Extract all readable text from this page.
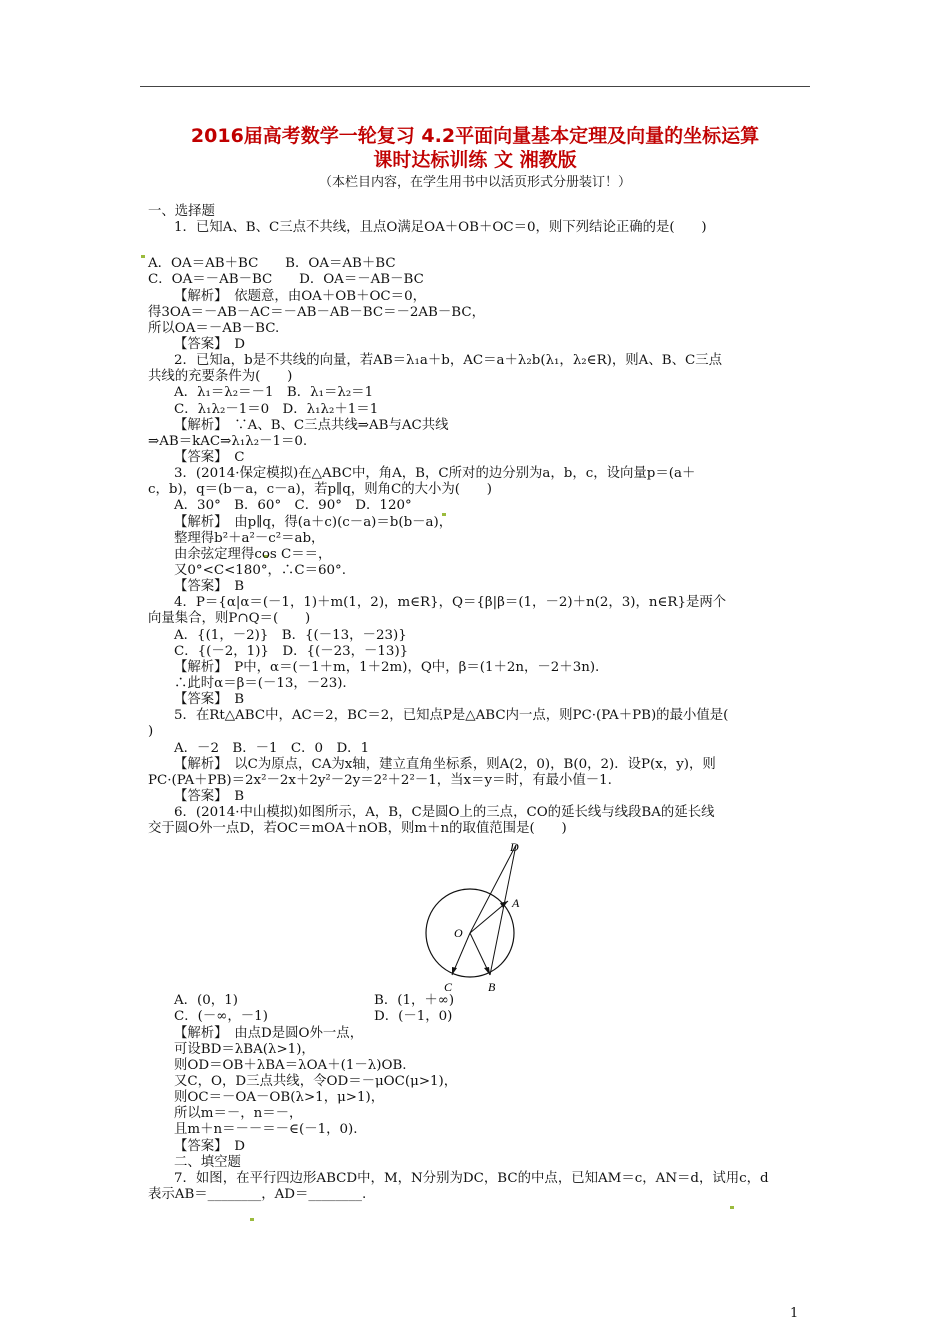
2016届高考数学一轮复习 4.2平面向量基本定理及向量的坐标运算
课时达标训练 文 湘教版
（本栏目内容，在学生用书中以活页形式分册装订！）
一、选择题
1．已知A、B、C三点不共线，且点O满足OA＋OB＋OC＝0，则下列结论正确的是(　　)
A．OA＝AB＋BC　　B．OA＝AB＋BC
C．OA＝－AB－BC　　D．OA＝－AB－BC
【解析】　依题意，由OA＋OB＋OC＝0，
得3OA＝－AB－AC＝－AB－AB－BC＝－2AB－BC，
所以OA＝－AB－BC.
【答案】　D
2．已知a，b是不共线的向量，若AB＝λ₁a＋b，AC＝a＋λ₂b(λ₁，λ₂∈R)，则A、B、C三点
共线的充要条件为(　　)
A．λ₁＝λ₂＝－1　B．λ₁＝λ₂＝1
C．λ₁λ₂－1＝0　D．λ₁λ₂＋1＝1
【解析】　∵A、B、C三点共线⇒AB与AC共线
⇒AB＝kAC⇒λ₁λ₂－1＝0.
【答案】　C
3．(2014·保定模拟)在△ABC中，角A，B，C所对的边分别为a，b，c，设向量p＝(a＋
c，b)，q＝(b－a，c－a)，若p∥q，则角C的大小为(　　)
A．30°　B．60°　C．90°　D．120°
【解析】　由p∥q，得(a＋c)(c－a)＝b(b－a)，
整理得b²＋a²－c²＝ab，
由余弦定理得cos C＝＝，
又0°<C<180°，∴C＝60°.
【答案】　B
4．P＝{α|α＝(－1，1)＋m(1，2)，m∈R}，Q＝{β|β＝(1，－2)＋n(2，3)，n∈R}是两个
向量集合，则P∩Q＝(　　)
A．{(1，－2)}　B．{(－13，－23)}
C．{(－2，1)}　D．{(－23，－13)}
【解析】　P中，α＝(－1＋m，1＋2m)，Q中，β＝(1＋2n，－2＋3n).
∴此时α＝β＝(－13，－23).
【答案】　B
5．在Rt△ABC中，AC＝2，BC＝2，已知点P是△ABC内一点，则PC·(PA＋PB)的最小值是(
)
A．－2　B．－1　C．0　D．1
【解析】　以C为原点，CA为x轴，建立直角坐标系，则A(2，0)，B(0，2)．设P(x，y)，则
PC·(PA＋PB)＝2x²－2x＋2y²－2y＝2²＋2²－1，当x＝y＝时，有最小值－1.
【答案】　B
6．(2014·中山模拟)如图所示，A，B，C是圆O上的三点，CO的延长线与线段BA的延长线
交于圆O外一点D，若OC＝mOA＋nOB，则m＋n的取值范围是(　　)
D
A
O
C	B
A．(0，1)	B．(1，＋∞)
C．(－∞，－1)	D．(－1，0)
【解析】　由点D是圆O外一点，
可设BD＝λBA(λ>1)，
则OD＝OB＋λBA＝λOA＋(1－λ)OB.
又C，O，D三点共线，令OD＝－μOC(μ>1)，
则OC＝－OA－OB(λ>1，μ>1)，
所以m＝－，n＝－，
且m＋n＝－－＝－∈(－1，0).
【答案】　D
二、填空题
7．如图，在平行四边形ABCD中，M，N分别为DC，BC的中点，已知AM＝c，AN＝d，试用c，d
表示AB＝________，AD＝________.
1
